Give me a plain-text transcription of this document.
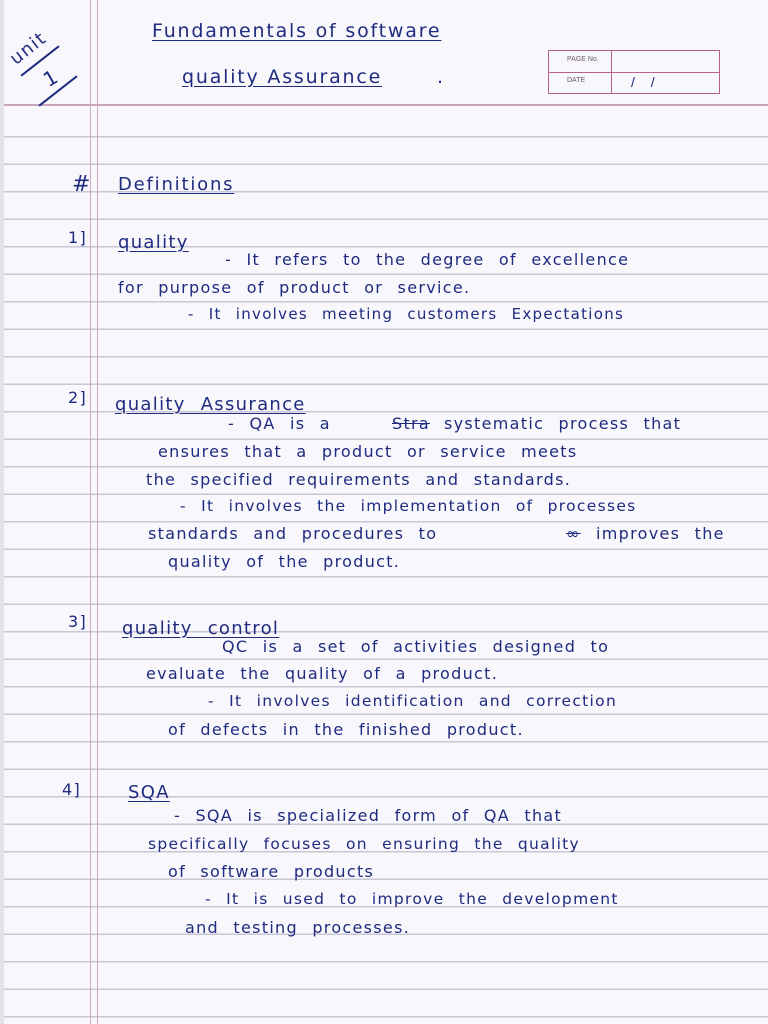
unit
1
Fundamentals of software
quality Assurance	.
PAGE No.
DATE	/ /
# Definitions
1] quality
- It refers to the degree of excellence
for purpose of product or service.
- It involves meeting customers Expectations
2] quality Assurance
- QA is a	Stra systematic process that
ensures that a product or service meets
the specified requirements and standards.
- It involves the implementation of processes
standards and procedures to	∞ improves the
quality of the product.
3] quality control
QC is a set of activities designed to
evaluate the quality of a product.
- It involves identification and correction
of defects in the finished product.
4]	SQA
- SQA is specialized form of QA that
specifically focuses on ensuring the quality
of software products
- It is used to improve the development
and testing processes.
